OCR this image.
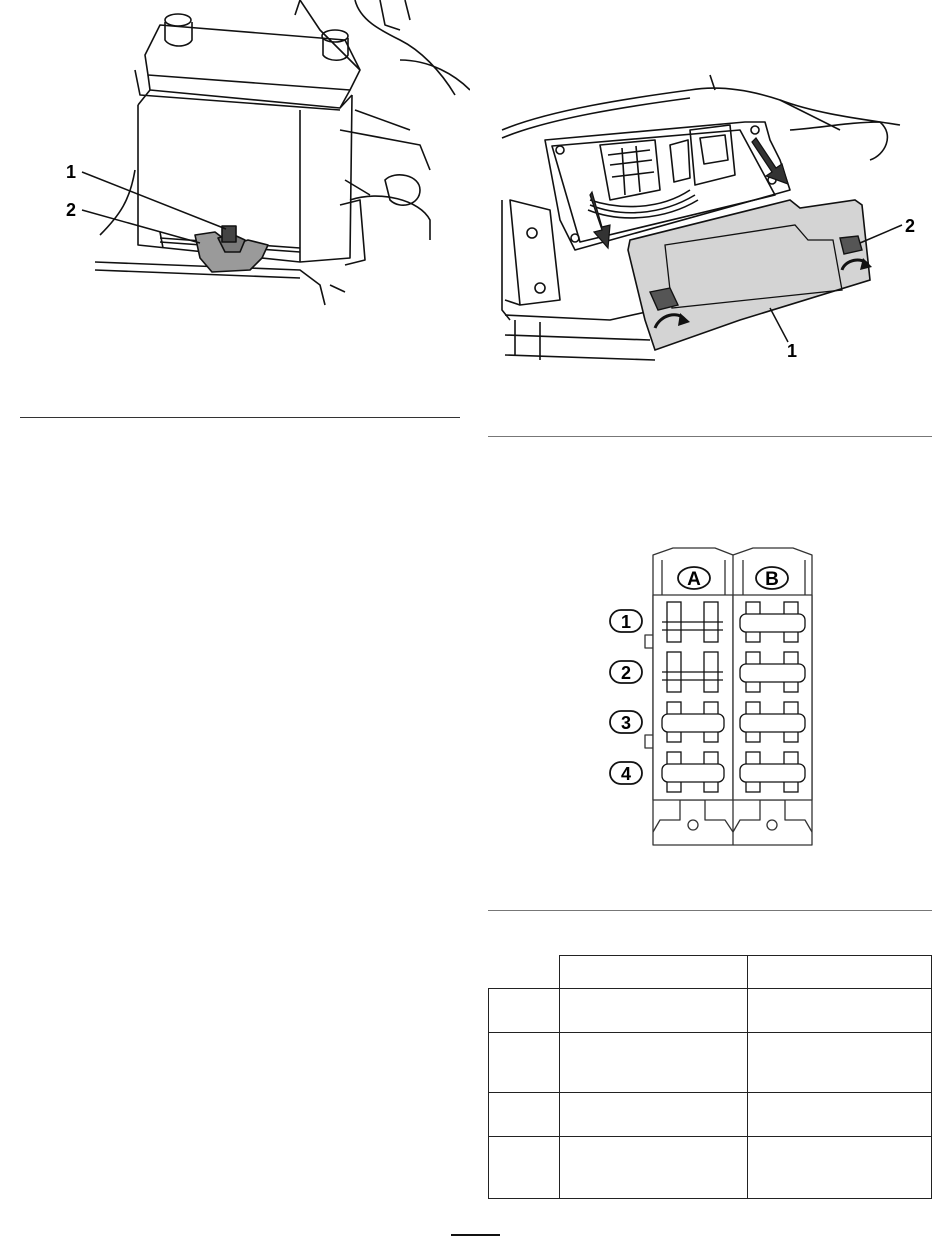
1
2
1
2
A	B
1
2
3
4
